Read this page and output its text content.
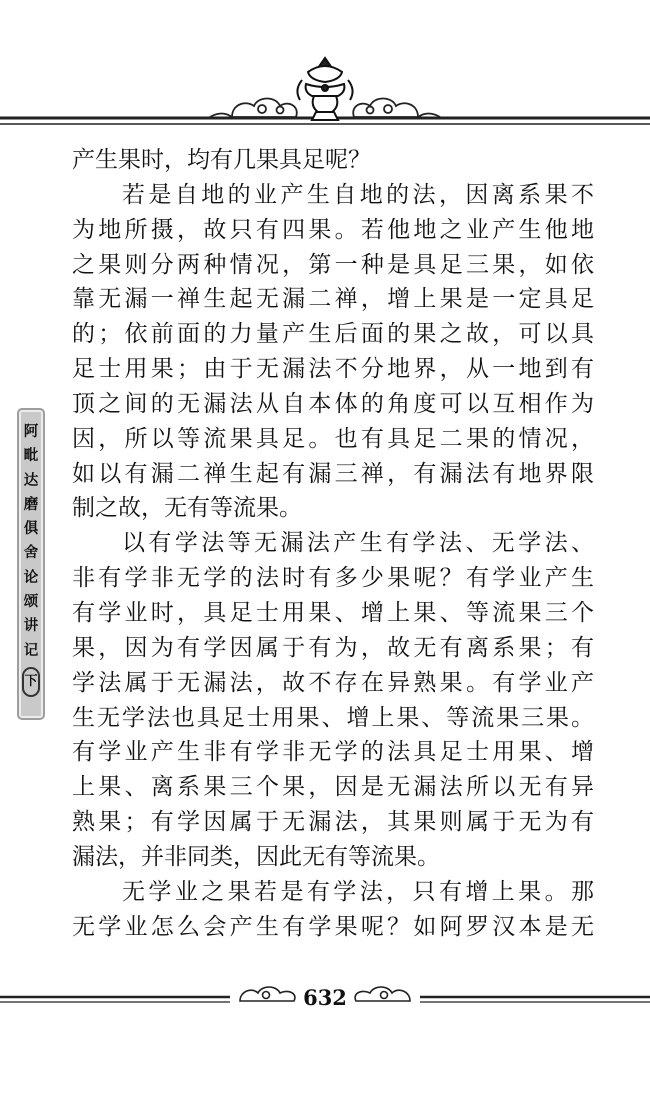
阿
毗
达
磨
俱
舍
论
颂
讲
记
下
产生果时，均有几果具足呢？
若是自地的业产生自地的法，因离系果不
为地所摄，故只有四果。若他地之业产生他地
之果则分两种情况，第一种是具足三果，如依
靠无漏一禅生起无漏二禅，增上果是一定具足
的；依前面的力量产生后面的果之故，可以具
足士用果；由于无漏法不分地界，从一地到有
顶之间的无漏法从自本体的角度可以互相作为
因，所以等流果具足。也有具足二果的情况，
如以有漏二禅生起有漏三禅，有漏法有地界限
制之故，无有等流果。
以有学法等无漏法产生有学法、无学法、
非有学非无学的法时有多少果呢？有学业产生
有学业时，具足士用果、增上果、等流果三个
果，因为有学因属于有为，故无有离系果；有
学法属于无漏法，故不存在异熟果。有学业产
生无学法也具足士用果、增上果、等流果三果。
有学业产生非有学非无学的法具足士用果、增
上果、离系果三个果，因是无漏法所以无有异
熟果；有学因属于无漏法，其果则属于无为有
漏法，并非同类，因此无有等流果。
无学业之果若是有学法，只有增上果。那
无学业怎么会产生有学果呢？如阿罗汉本是无
632
